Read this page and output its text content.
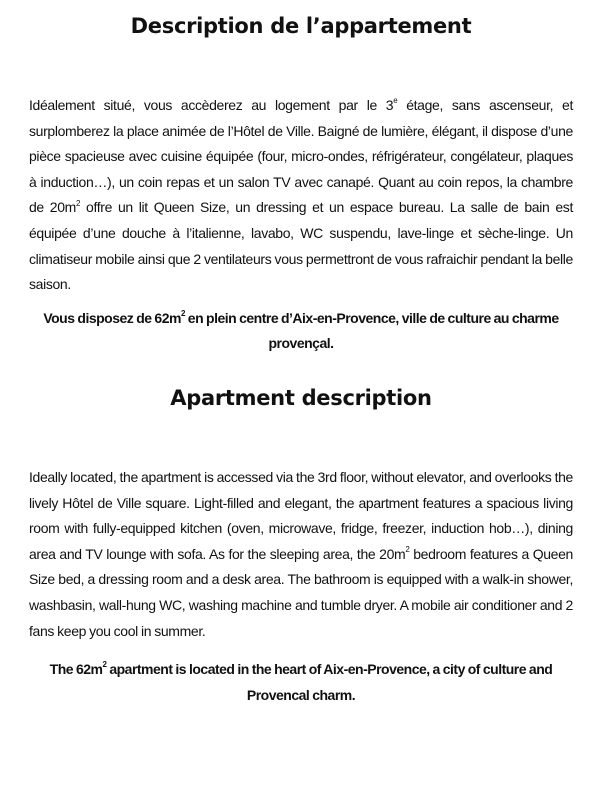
Description de l’appartement

Idéalement situé, vous accèderez au logement par le 3e étage, sans ascenseur, et surplomberez la place animée de l’Hôtel de Ville. Baigné de lumière, élégant, il dispose d’une pièce spacieuse avec cuisine équipée (four, micro-ondes, réfrigérateur, congélateur, plaques à induction…), un coin repas et un salon TV avec canapé. Quant au coin repos, la chambre de $20m^2$ offre un lit Queen Size, un dressing et un espace bureau. La salle de bain est équipée d’une douche à l’italienne, lavabo, WC suspendu, lave-linge et sèche-linge. Un climatiseur mobile ainsi que 2 ventilateurs vous permettront de vous rafraichir pendant la belle saison.

Vous disposez de $62m^2$ en plein centre d’Aix-en-Provence, ville de culture au charme provençal.

Apartment description

Ideally located, the apartment is accessed via the 3rd floor, without elevator, and overlooks the lively Hôtel de Ville square. Light-filled and elegant, the apartment features a spacious living room with fully-equipped kitchen (oven, microwave, fridge, freezer, induction hob…), dining area and TV lounge with sofa. As for the sleeping area, the $20m^2$ bedroom features a Queen Size bed, a dressing room and a desk area. The bathroom is equipped with a walk-in shower, washbasin, wall-hung WC, washing machine and tumble dryer. A mobile air conditioner and 2 fans keep you cool in summer.

The $62m^2$ apartment is located in the heart of Aix-en-Provence, a city of culture and Provencal charm.
